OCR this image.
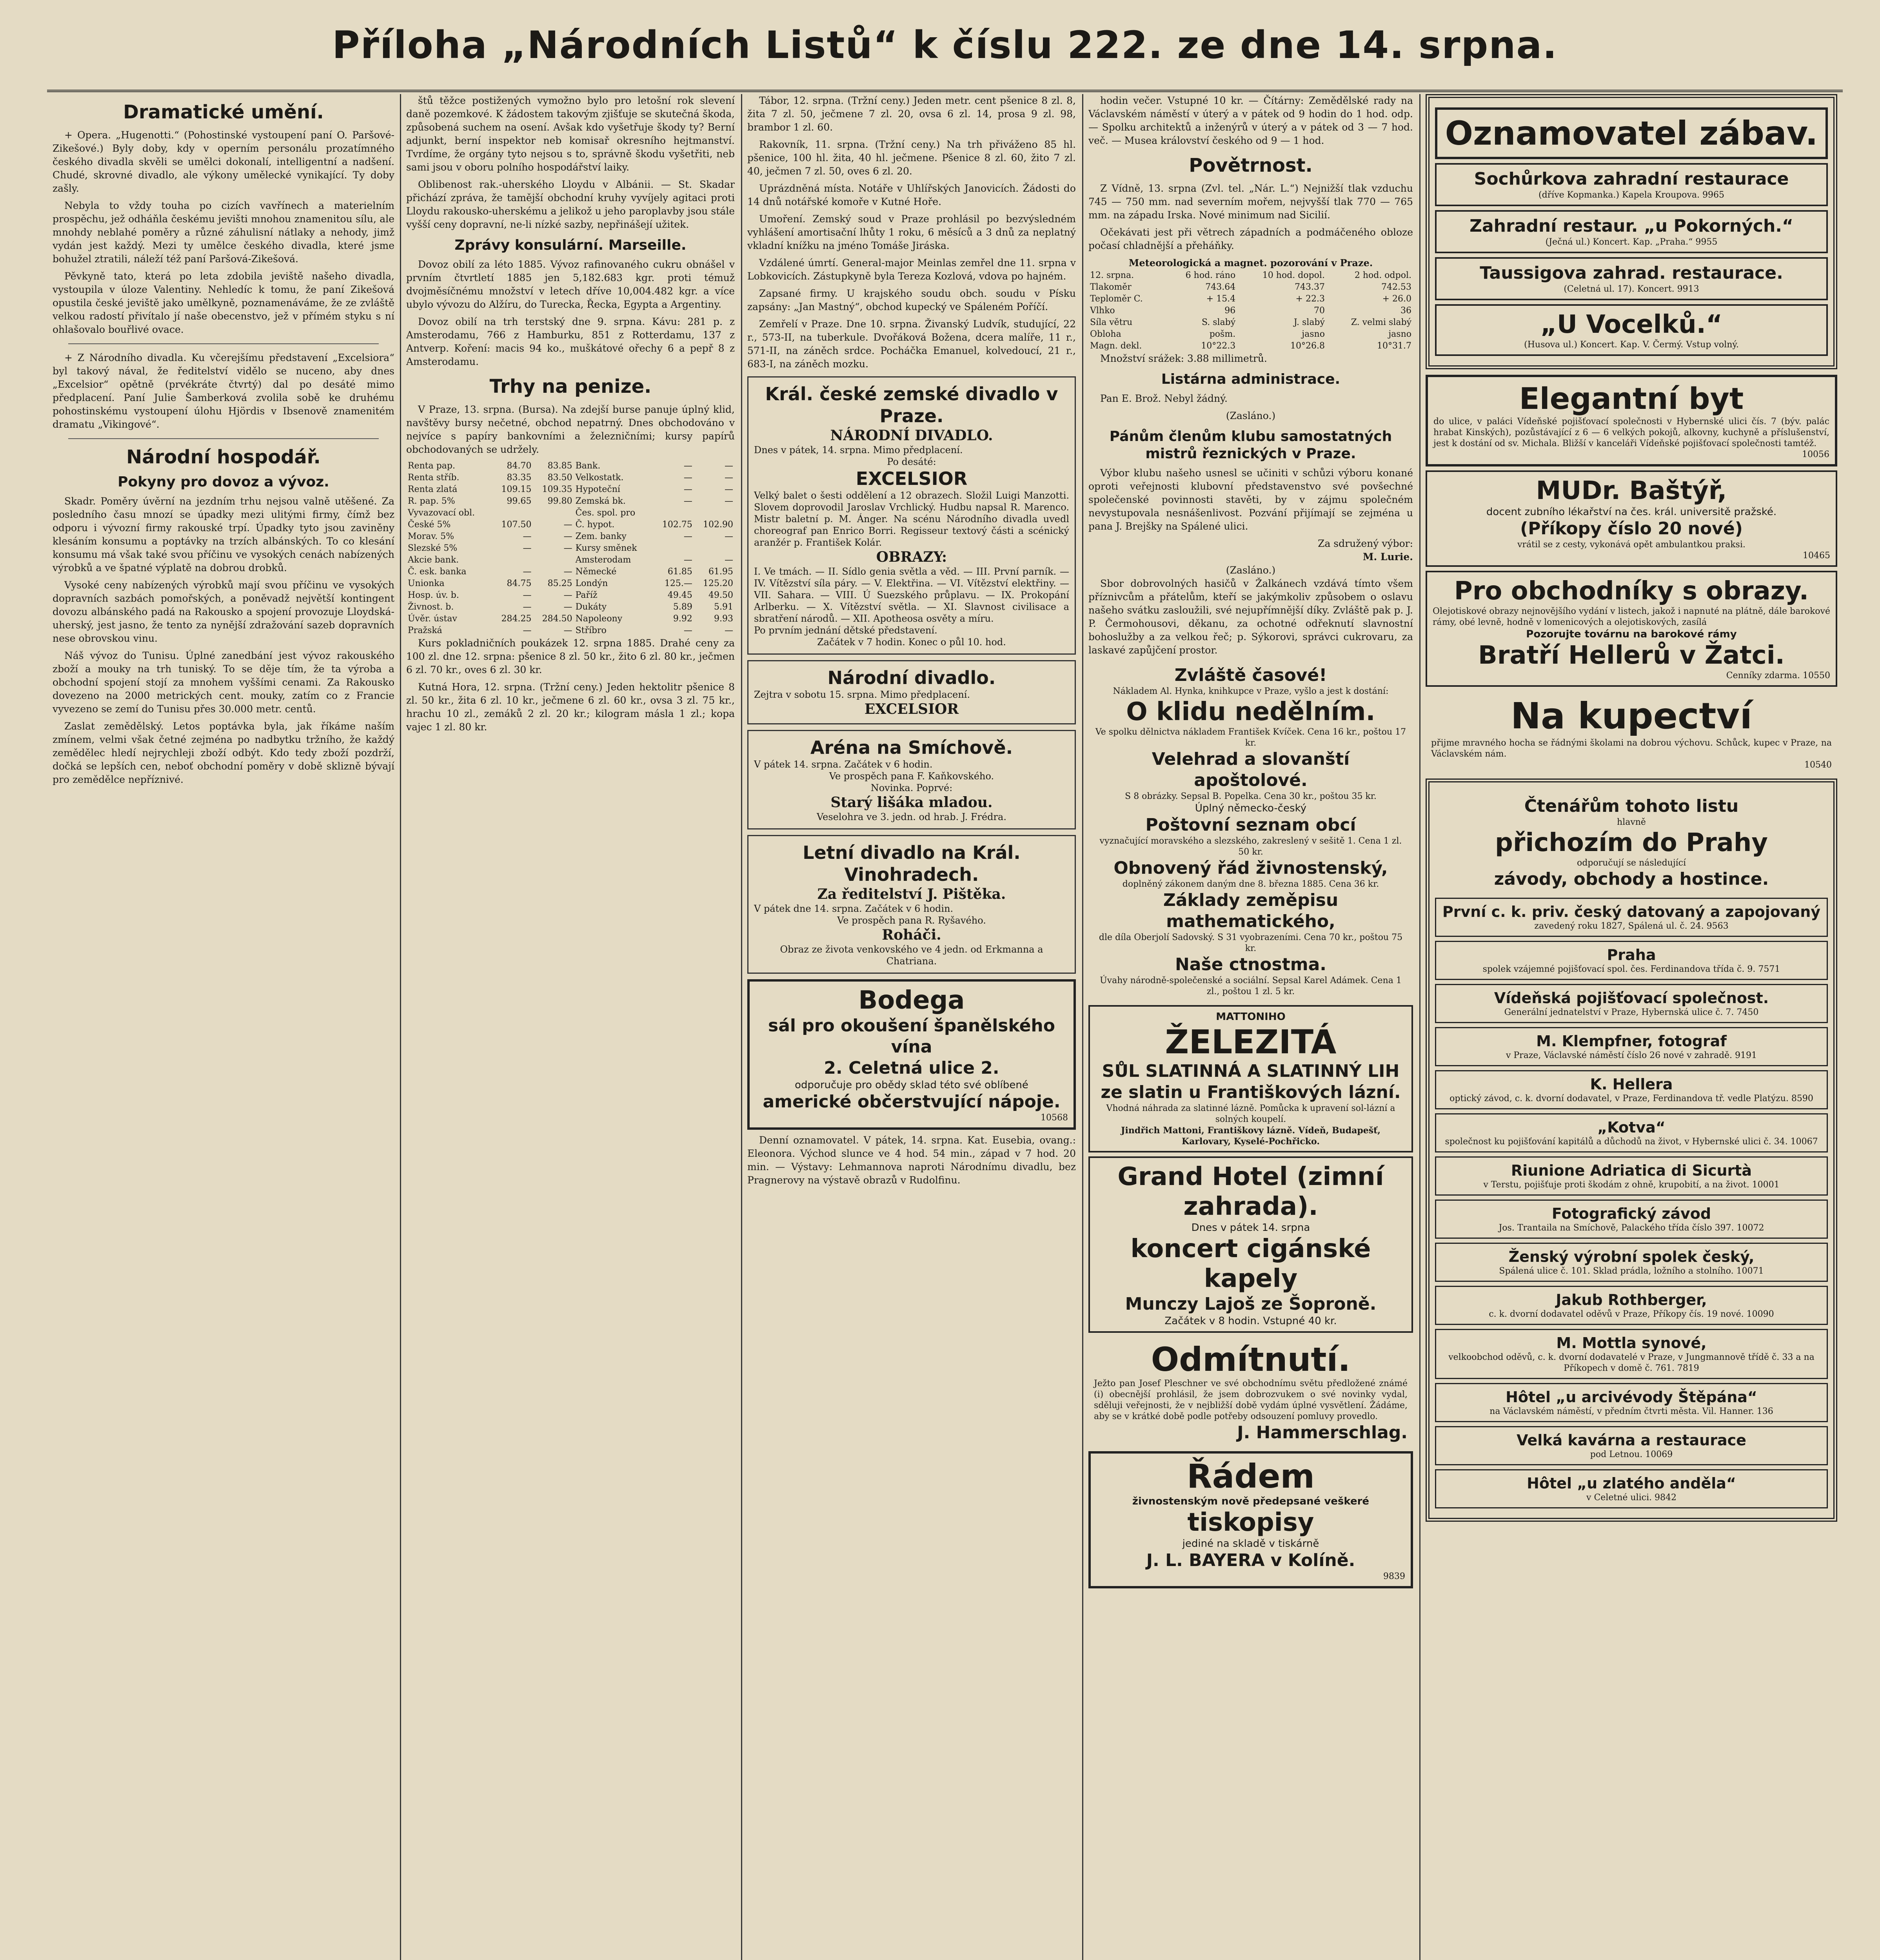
Příloha „Národních Listů“ k číslu 222. ze dne 14. srpna.
Dramatické umění.

+ Opera. „Hugenotti.“ (Pohostinské vystoupení paní O. Paršové-Zikešové.) Byly doby, kdy v operním personálu prozatímného českého divadla skvěli se umělci dokonalí, intelligentní a nadšení. Chudé, skrovné divadlo, ale výkony umělecké vynikající. Ty doby zašly.

Nebyla to vždy touha po cizích vavřínech a materielním prospěchu, jež odháňla českému jevišti mnohou znamenitou sílu, ale mnohdy neblahé poměry a různé záhulisní nátlaky a nehody, jimž vydán jest každý. Mezi ty umělce českého divadla, které jsme bohužel ztratili, náleží též paní Paršová-Zikešová.

Pěvkyně tato, která po leta zdobila jeviště našeho divadla, vystoupila v úloze Valentiny. Nehledíc k tomu, že paní Zikešová opustila české jeviště jako umělkyně, poznamenáváme, že ze zvláště velkou radostí přivítalo jí naše obecenstvo, jež v přímém styku s ní ohlašovalo bouřlivé ovace.

+ Z Národního divadla. Ku včerejšímu představení „Excelsiora“ byl takový nával, že ředitelství vidělo se nuceno, aby dnes „Excelsior“ opětně (prvékráte čtvrtý) dal po desáté mimo předplacení. Paní Julie Šamberková zvolila sobě ke druhému pohostinskému vystoupení úlohu Hjördis v Ibsenově znamenitém dramatu „Vikingové“.

Národní hospodář.
Pokyny pro dovoz a vývoz.

Skadr. Poměry úvěrní na jezdním trhu nejsou valně utěšené. Za posledního času mnozí se úpadky mezi ulitými firmy, čímž bez odporu i vývozní firmy rakouské trpí. Úpadky tyto jsou zaviněny klesáním konsumu a poptávky na trzích albánských. To co klesání konsumu má však také svou příčinu ve vysokých cenách nabízených výrobků a ve špatné výplatě na dobrou drobků.

Vysoké ceny nabízených výrobků mají svou příčinu ve vysokých dopravních sazbách pomořských, a poněvadž největší kontingent dovozu albánského padá na Rakousko a spojení provozuje Lloydská-uherský, jest jasno, že tento za nynější zdražování sazeb dopravních nese obrovskou vinu.

Náš vývoz do Tunisu. Úplné zanedbání jest vývoz rakouského zboží a mouky na trh tuniský. To se děje tím, že ta výroba a obchodní spojení stojí za mnohem vyššími cenami. Za Rakousko dovezeno na 2000 metrických cent. mouky, zatím co z Francie vyvezeno se zemí do Tunisu přes 30.000 metr. centů.

Zaslat zemědělský. Letos poptávka byla, jak říkáme naším zmínem, velmi však četné zejména po nadbytku tržního, že každý zemědělec hledí nejrychleji zboží odbýt. Kdo tedy zboží pozdrží, dočká se lepších cen, neboť obchodní poměry v době sklizně bývají pro zemědělce nepříznivé.

štů těžce postižených vymožno bylo pro letošní rok slevení daně pozemkové. K žádostem takovým zjišťuje se skutečná škoda, způsobená suchem na osení. Avšak kdo vyšetřuje škody ty? Berní adjunkt, berní inspektor neb komisař okresního hejtmanství. Tvrdíme, že orgány tyto nejsou s to, správně škodu vyšetřiti, neb sami jsou v oboru polního hospodářství laiky.

Oblibenost rak.-uherského Lloydu v Albánii. — St. Skadar přichází zpráva, že tamější obchodní kruhy vyvíjely agitaci proti Lloydu rakousko-uherskému a jelikož u jeho paroplavby jsou stále vyšší ceny dopravní, ne-li nízké sazby, nepřinášejí užitek.

Zprávy konsulární. Marseille.

Dovoz obilí za léto 1885. Vývoz rafinovaného cukru obnášel v prvním čtvrtletí 1885 jen 5,182.683 kgr. proti témuž dvojměsíčnému množství v letech dříve 10,004.482 kgr. a více ubylo vývozu do Alžíru, do Turecka, Řecka, Egypta a Argentiny.

Dovoz obilí na trh terstský dne 9. srpna. Kávu: 281 p. z Amsterodamu, 766 z Hamburku, 851 z Rotterdamu, 137 z Antverp. Koření: macis 94 ko., muškátové ořechy 6 a pepř 8 z Amsterodamu.

Trhy na penize.

V Praze, 13. srpna. (Bursa). Na zdejší burse panuje úplný klid, navštěvy bursy nečetné, obchod nepatrný. Dnes obchodováno v nejvíce s papíry bankovními a železničními; kursy papírů obchodovaných se udržely.

Renta pap.	84.70	83.85	Bank.	—	—
Renta stříb.	83.35	83.50	Velkostatk.	—	—
Renta zlatá	109.15	109.35	Hypoteční	—	—
R. pap. 5%	99.65	99.80	Zemská bk.	—	—
Vyvazovací obl.			Čes. spol. pro		
České 5%	107.50	—	Č. hypot.	102.75	102.90
Morav. 5%	—	—	Zem. banky	—	—
Slezské 5%	—	—	Kursy směnek		
Akcie bank.			Amsterodam	—	—
Č. esk. banka	—	—	Německé	61.85	61.95
Unionka	84.75	85.25	Londýn	125.—	125.20
Hosp. úv. b.	—	—	Paříž	49.45	49.50
Živnost. b.	—	—	Dukáty	5.89	5.91
Úvěr. ústav	284.25	284.50	Napoleony	9.92	9.93
Pražská	—	—	Stříbro	—	—

Kurs pokladničních poukázek 12. srpna 1885. Drahé ceny za 100 zl. dne 12. srpna: pšenice 8 zl. 50 kr., žito 6 zl. 80 kr., ječmen 6 zl. 70 kr., oves 6 zl. 30 kr.

Kutná Hora, 12. srpna. (Tržní ceny.) Jeden hektolitr pšenice 8 zl. 50 kr., žita 6 zl. 10 kr., ječmene 6 zl. 60 kr., ovsa 3 zl. 75 kr., hrachu 10 zl., zemáků 2 zl. 20 kr.; kilogram másla 1 zl.; kopa vajec 1 zl. 80 kr.

Tábor, 12. srpna. (Tržní ceny.) Jeden metr. cent pšenice 8 zl. 8, žita 7 zl. 50, ječmene 7 zl. 20, ovsa 6 zl. 14, prosa 9 zl. 98, brambor 1 zl. 60.

Rakovník, 11. srpna. (Tržní ceny.) Na trh přiváženo 85 hl. pšenice, 100 hl. žita, 40 hl. ječmene. Pšenice 8 zl. 60, žito 7 zl. 40, ječmen 7 zl. 50, oves 6 zl. 20.

Uprázdněná místa. Notáře v Uhlířských Janovicích. Žádosti do 14 dnů notářské komoře v Kutné Hoře.

Umoření. Zemský soud v Praze prohlásil po bezvýsledném vyhlášení amortisační lhůty 1 roku, 6 měsíců a 3 dnů za neplatný vkladní knížku na jméno Tomáše Jiráska.

Vzdálené úmrtí. General-major Meinlas zemřel dne 11. srpna v Lobkovicích. Zástupkyně byla Tereza Kozlová, vdova po hajném.

Zapsané firmy. U krajského soudu obch. soudu v Písku zapsány: „Jan Mastný“, obchod kupecký ve Spáleném Poříčí.

Zemřelí v Praze. Dne 10. srpna. Živanský Ludvík, studující, 22 r., 573-II, na tuberkule. Dvořáková Božena, dcera malíře, 11 r., 571-II, na záněch srdce. Pocháčka Emanuel, kolvedoucí, 21 r., 683-I, na záněch mozku.

Král. české zemské divadlo v Praze.
NÁRODNÍ DIVADLO.
Dnes v pátek, 14. srpna. Mimo předplacení.
Po desáté:
EXCELSIOR
Velký balet o šesti oddělení a 12 obrazech. Složil Luigi Manzotti. Slovem doprovodil Jaroslav Vrchlický. Hudbu napsal R. Marenco. Mistr baletní p. M. Ánger. Na scénu Národního divadla uvedl choreograf pan Enrico Borri. Regisseur textový části a scénický aranžér p. František Kolár.
OBRAZY:
I. Ve tmách. — II. Sídlo genia světla a věd. — III. První parník. — IV. Vítězství síla páry. — V. Elektřina. — VI. Vítězství elektřiny. — VII. Sahara. — VIII. Ú Suezského průplavu. — IX. Prokopání Arlberku. — X. Vítězství světla. — XI. Slavnost civilisace a sbratření národů. — XII. Apotheosa osvěty a míru.
Po prvním jednání dětské představení.
Začátek v 7 hodin. Konec o půl 10. hod.
Národní divadlo.
Zejtra v sobotu 15. srpna. Mimo předplacení.
EXCELSIOR
Aréna na Smíchově.
V pátek 14. srpna. Začátek v 6 hodin.
Ve prospěch pana F. Kaňkovského.
Novinka. Poprvé:
Starý lišáka mladou.
Veselohra ve 3. jedn. od hrab. J. Frédra.
Letní divadlo na Král. Vinohradech.
Za ředitelství J. Pištěka.
V pátek dne 14. srpna. Začátek v 6 hodin.
Ve prospěch pana R. Ryšavého.
Roháči.
Obraz ze života venkovského ve 4 jedn. od Erkmanna a Chatriana.
Bodega
sál pro okoušení španělského vína
2. Celetná ulice 2.
odporučuje pro obědy sklad této své oblíbené
americké občerstvující nápoje.
10568

Denní oznamovatel. V pátek, 14. srpna. Kat. Eusebia, ovang.: Eleonora. Východ slunce ve 4 hod. 54 min., západ v 7 hod. 20 min. — Výstavy: Lehmannova naproti Národnímu divadlu, bez Pragnerovy na výstavě obrazů v Rudolfinu.

hodin večer. Vstupné 10 kr. — Čítárny: Zemědělské rady na Václavském náměstí v úterý a v pátek od 9 hodin do 1 hod. odp. — Spolku architektů a inženýrů v úterý a v pátek od 3 — 7 hod. več. — Musea království českého od 9 — 1 hod.

Povětrnost.

Z Vídně, 13. srpna (Zvl. tel. „Nár. L.“) Nejnižší tlak vzduchu 745 — 750 mm. nad severním mořem, nejvyšší tlak 770 — 765 mm. na západu Irska. Nové minimum nad Sicilií.

Očekávati jest při větrech západních a podmáčeného obloze počasí chladnější a přeháňky.

Meteorologická a magnet. pozorování v Praze.
12. srpna.	6 hod. ráno	10 hod. dopol.	2 hod. odpol.
Tlakoměr	743.64	743.37	742.53
Teploměr C.	+ 15.4	+ 22.3	+ 26.0
Vlhko	96	70	36
Síla větru	S. slabý	J. slabý	Z. velmi slabý
Obloha	pošm.	jasno	jasno
Magn. dekl.	10°22.3	10°26.8	10°31.7

Množství srážek: 3.88 millimetrů.

Listárna administrace.

Pan E. Brož. Nebyl žádný.

(Zasláno.)
Pánům členům klubu samostatných mistrů řeznických v Praze.

Výbor klubu našeho usnesl se učiniti v schůzi výboru konané oproti veřejnosti klubovní představenstvo své povšechné společenské povinnosti stavěti, by v zájmu společném nevystupovala nesnášenlivost. Pozvání přijímají se zejména u pana J. Brejšky na Spálené ulici.

Za sdružený výbor:
M. Lurie.
(Zasláno.)

Sbor dobrovolných hasičů v Žalkánech vzdává tímto všem příznivcům a přátelům, kteří se jakýmkoliv způsobem o oslavu našeho svátku zasloužili, své nejupřímnější díky. Zvláště pak p. J. P. Čermohousovi, děkanu, za ochotné odřeknutí slavnostní bohoslužby a za velkou řeč; p. Sýkorovi, správci cukrovaru, za laskavé zapůjčení prostor.

Zvláště časové!
Nákladem Al. Hynka, knihkupce v Praze, vyšlo a jest k dostání:
O klidu nedělním.
Ve spolku dělnictva nákladem František Kvíček. Cena 16 kr., poštou 17 kr.
Velehrad a slovanští apoštolové.
S 8 obrázky. Sepsal B. Popelka. Cena 30 kr., poštou 35 kr.
Úplný německo-český
Poštovní seznam obcí
vyznačující moravského a slezského, zakreslený v sešitě 1. Cena 1 zl. 50 kr.
Obnovený řád živnostenský,
doplněný zákonem daným dne 8. března 1885. Cena 36 kr.
Základy zeměpisu mathematického,
dle díla Oberjolí Sadovský. S 31 vyobrazeními. Cena 70 kr., poštou 75 kr.
Naše ctnostma.
Úvahy národně-společenské a sociální. Sepsal Karel Adámek. Cena 1 zl., poštou 1 zl. 5 kr.
MATTONIHO
ŽELEZITÁ
SŮL SLATINNÁ A SLATINNÝ LIH
ze slatin u Františkových lázní.
Vhodná náhrada za slatinné lázně. Pomůcka k upravení sol-lázní a solných koupelí.
Jindřich Mattoni, Františkovy lázně. Vídeň, Budapešť, Karlovary, Kyselé-Pochřicko.
Grand Hotel (zimní zahrada).
Dnes v pátek 14. srpna
koncert cigánské kapely
Munczy Lajoš ze Šoproně.
Začátek v 8 hodin. Vstupné 40 kr.
Odmítnutí.
Ježto pan Josef Pleschner ve své obchodnímu světu předložené známé (i) obecnější prohlásil, že jsem dobrozvukem o své novinky vydal, sděluji veřejnosti, že v nejbližší době vydám úplné vysvětlení. Žádáme, aby se v krátké době podle potřeby odsouzení pomluvy provedlo.
J. Hammerschlag.
Řádem
živnostenským nově předepsané veškeré
tiskopisy
jediné na skladě v tiskárně
J. L. BAYERA v Kolíně.
9839
Oznamovatel zábav.
Sochůrkova zahradní restaurace
(dříve Kopmanka.) Kapela Kroupova. 9965
Zahradní restaur. „u Pokorných.“
(Ječná ul.) Koncert. Kap. „Praha.“ 9955
Taussigova zahrad. restaurace.
(Celetná ul. 17). Koncert. 9913
„U Vocelků.“
(Husova ul.) Koncert. Kap. V. Čermý. Vstup volný.
Elegantní byt
do ulice, v paláci Vídeňské pojišťovací společnosti v Hybernské ulici čís. 7 (býv. palác hrabat Kinských), pozůstávající z 6 — 6 velkých pokojů, alkovny, kuchyně a příslušenství, jest k dostání od sv. Michala. Bližší v kanceláři Vídeňské pojišťovací společnosti tamtéž.
10056
MUDr. Baštýř,
docent zubního lékařství na čes. král. universitě pražské.
(Příkopy číslo 20 nové)
vrátil se z cesty, vykonává opět ambulantkou praksi.
10465
Pro obchodníky s obrazy.
Olejotiskové obrazy nejnovějšího vydání v listech, jakož i napnuté na plátně, dále barokové rámy, obé levně, hodně v lomenicových a olejotiskových, zasílá
Pozorujte továrnu na barokové rámy
Bratří Hellerů v Žatci.
Cenníky zdarma. 10550
Na kupectví
přijme mravného hocha se řádnými školami na dobrou výchovu. Schůck, kupec v Praze, na Václavském nám.
10540
Čtenářům tohoto listu
hlavně
přichozím do Prahy
odporučují se následující
závody, obchody a hostince.
První c. k. priv. český datovaný a zapojovaný
zavedený roku 1827, Spálená ul. č. 24. 9563
Praha
spolek vzájemné pojišťovací spol. čes. Ferdinandova třída č. 9. 7571
Vídeňská pojišťovací společnost.
Generální jednatelství v Praze, Hybernská ulice č. 7. 7450
M. Klempfner, fotograf
v Praze, Václavské náměstí číslo 26 nové v zahradě. 9191
K. Hellera
optický závod, c. k. dvorní dodavatel, v Praze, Ferdinandova tř. vedle Platýzu. 8590
„Kotva“
společnost ku pojišťování kapitálů a důchodů na život, v Hybernské ulici č. 34. 10067
Riunione Adriatica di Sicurtà
v Terstu, pojišťuje proti škodám z ohně, krupobití, a na život. 10001
Fotografický závod
Jos. Trantaila na Smíchově, Palackého třída číslo 397. 10072
Ženský výrobní spolek český,
Spálená ulice č. 101. Sklad prádla, ložního a stolního. 10071
Jakub Rothberger,
c. k. dvorní dodavatel oděvů v Praze, Příkopy čís. 19 nové. 10090
M. Mottla synové,
velkoobchod oděvů, c. k. dvorní dodavatelé v Praze, v Jungmannově třídě č. 33 a na Příkopech v domě č. 761. 7819
Hôtel „u arcivévody Štěpána“
na Václavském náměstí, v předním čtvrti města. Vil. Hanner. 136
Velká kavárna a restaurace
pod Letnou. 10069
Hôtel „u zlatého anděla“
v Celetné ulici. 9842
